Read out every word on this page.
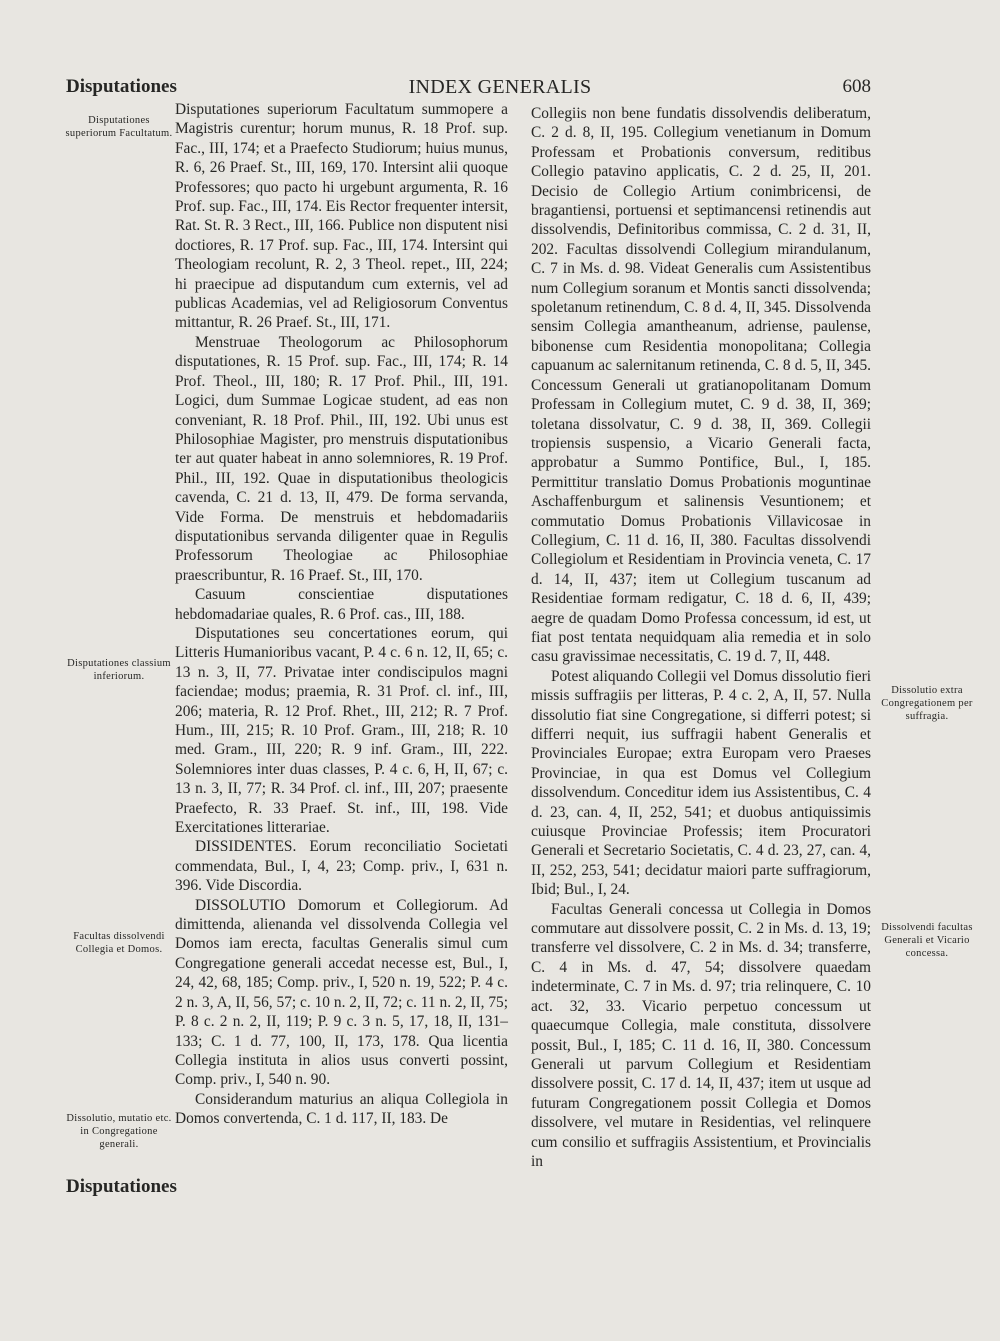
Disputationes	INDEX GENERALIS	608
Disputationes superiorum Facultatum.
Disputationes classium inferiorum.
Facultas dissolvendi Collegia et Domos.
Dissolutio, mutatio etc. in Congregatione generali.

Disputationes superiorum Facultatum summopere a Magistris curentur; horum munus, R. 18 Prof. sup. Fac., III, 174; et a Praefecto Studiorum; huius munus, R. 6, 26 Praef. St., III, 169, 170. Intersint alii quoque Professores; quo pacto hi urgebunt argumenta, R. 16 Prof. sup. Fac., III, 174. Eis Rector frequenter intersit, Rat. St. R. 3 Rect., III, 166. Publice non disputent nisi doctiores, R. 17 Prof. sup. Fac., III, 174. Intersint qui Theologiam recolunt, R. 2, 3 Theol. repet., III, 224; hi praecipue ad disputandum cum externis, vel ad publicas Academias, vel ad Religiosorum Conventus mittantur, R. 26 Praef. St., III, 171.

Menstruae Theologorum ac Philosophorum disputationes, R. 15 Prof. sup. Fac., III, 174; R. 14 Prof. Theol., III, 180; R. 17 Prof. Phil., III, 191. Logici, dum Summae Logicae student, ad eas non conveniant, R. 18 Prof. Phil., III, 192. Ubi unus est Philosophiae Magister, pro menstruis disputationibus ter aut quater habeat in anno solemniores, R. 19 Prof. Phil., III, 192. Quae in disputationibus theologicis cavenda, C. 21 d. 13, II, 479. De forma servanda, Vide Forma. De menstruis et hebdomadariis disputationibus servanda diligenter quae in Regulis Professorum Theologiae ac Philosophiae praescribuntur, R. 16 Praef. St., III, 170.

Casuum conscientiae disputationes hebdomadariae quales, R. 6 Prof. cas., III, 188.

Disputationes seu concertationes eorum, qui Litteris Humanioribus vacant, P. 4 c. 6 n. 12, II, 65; c. 13 n. 3, II, 77. Privatae inter condiscipulos magni faciendae; modus; praemia, R. 31 Prof. cl. inf., III, 206; materia, R. 12 Prof. Rhet., III, 212; R. 7 Prof. Hum., III, 215; R. 10 Prof. Gram., III, 218; R. 10 med. Gram., III, 220; R. 9 inf. Gram., III, 222. Solemniores inter duas classes, P. 4 c. 6, H, II, 67; c. 13 n. 3, II, 77; R. 34 Prof. cl. inf., III, 207; praesente Praefecto, R. 33 Praef. St. inf., III, 198. Vide Exercitationes litterariae.

DISSIDENTES. Eorum reconciliatio Societati commendata, Bul., I, 4, 23; Comp. priv., I, 631 n. 396. Vide Discordia.

DISSOLUTIO Domorum et Collegiorum. Ad dimittenda, alienanda vel dissolvenda Collegia vel Domos iam erecta, facultas Generalis simul cum Congregatione generali accedat necesse est, Bul., I, 24, 42, 68, 185; Comp. priv., I, 520 n. 19, 522; P. 4 c. 2 n. 3, A, II, 56, 57; c. 10 n. 2, II, 72; c. 11 n. 2, II, 75; P. 8 c. 2 n. 2, II, 119; P. 9 c. 3 n. 5, 17, 18, II, 131–133; C. 1 d. 77, 100, II, 173, 178. Qua licentia Collegia instituta in alios usus converti possint, Comp. priv., I, 540 n. 90.

Considerandum maturius an aliqua Collegiola in Domos convertenda, C. 1 d. 117, II, 183. De

Collegiis non bene fundatis dissolvendis deliberatum, C. 2 d. 8, II, 195. Collegium venetianum in Domum Professam et Probationis conversum, reditibus Collegio patavino applicatis, C. 2 d. 25, II, 201. Decisio de Collegio Artium conimbricensi, de bragantiensi, portuensi et septimancensi retinendis aut dissolvendis, Definitoribus commissa, C. 2 d. 31, II, 202. Facultas dissolvendi Collegium mirandulanum, C. 7 in Ms. d. 98. Videat Generalis cum Assistentibus num Collegium soranum et Montis sancti dissolvenda; spoletanum retinendum, C. 8 d. 4, II, 345. Dissolvenda sensim Collegia amantheanum, adriense, paulense, bibonense cum Residentia monopolitana; Collegia capuanum ac salernitanum retinenda, C. 8 d. 5, II, 345. Concessum Generali ut gratianopolitanam Domum Professam in Collegium mutet, C. 9 d. 38, II, 369; toletana dissolvatur, C. 9 d. 38, II, 369. Collegii tropiensis suspensio, a Vicario Generali facta, approbatur a Summo Pontifice, Bul., I, 185. Permittitur translatio Domus Probationis moguntinae Aschaffenburgum et salinensis Vesuntionem; et commutatio Domus Probationis Villavicosae in Collegium, C. 11 d. 16, II, 380. Facultas dissolvendi Collegiolum et Residentiam in Provincia veneta, C. 17 d. 14, II, 437; item ut Collegium tuscanum ad Residentiae formam redigatur, C. 18 d. 6, II, 439; aegre de quadam Domo Professa concessum, id est, ut fiat post tentata nequidquam alia remedia et in solo casu gravissimae necessitatis, C. 19 d. 7, II, 448.

Potest aliquando Collegii vel Domus dissolutio fieri missis suffragiis per litteras, P. 4 c. 2, A, II, 57. Nulla dissolutio fiat sine Congregatione, si differri potest; si differri nequit, ius suffragii habent Generalis et Provinciales Europae; extra Europam vero Praeses Provinciae, in qua est Domus vel Collegium dissolvendum. Conceditur idem ius Assistentibus, C. 4 d. 23, can. 4, II, 252, 541; et duobus antiquissimis cuiusque Provinciae Professis; item Procuratori Generali et Secretario Societatis, C. 4 d. 23, 27, can. 4, II, 252, 253, 541; decidatur maiori parte suffragiorum, Ibid; Bul., I, 24.

Facultas Generali concessa ut Collegia in Domos commutare aut dissolvere possit, C. 2 in Ms. d. 13, 19; transferre vel dissolvere, C. 2 in Ms. d. 34; transferre, C. 4 in Ms. d. 47, 54; dissolvere quaedam indeterminate, C. 7 in Ms. d. 97; tria relinquere, C. 10 act. 32, 33. Vicario perpetuo concessum ut quaecumque Collegia, male constituta, dissolvere possit, Bul., I, 185; C. 11 d. 16, II, 380. Concessum Generali ut parvum Collegium et Residentiam dissolvere possit, C. 17 d. 14, II, 437; item ut usque ad futuram Congregationem possit Collegia et Domos dissolvere, vel mutare in Residentias, vel relinquere cum consilio et suffragiis Assistentium, et Provincialis in

Dissolutio extra Congregationem per suffragia.
Dissolvendi facultas Generali et Vicario concessa.
Disputationes
